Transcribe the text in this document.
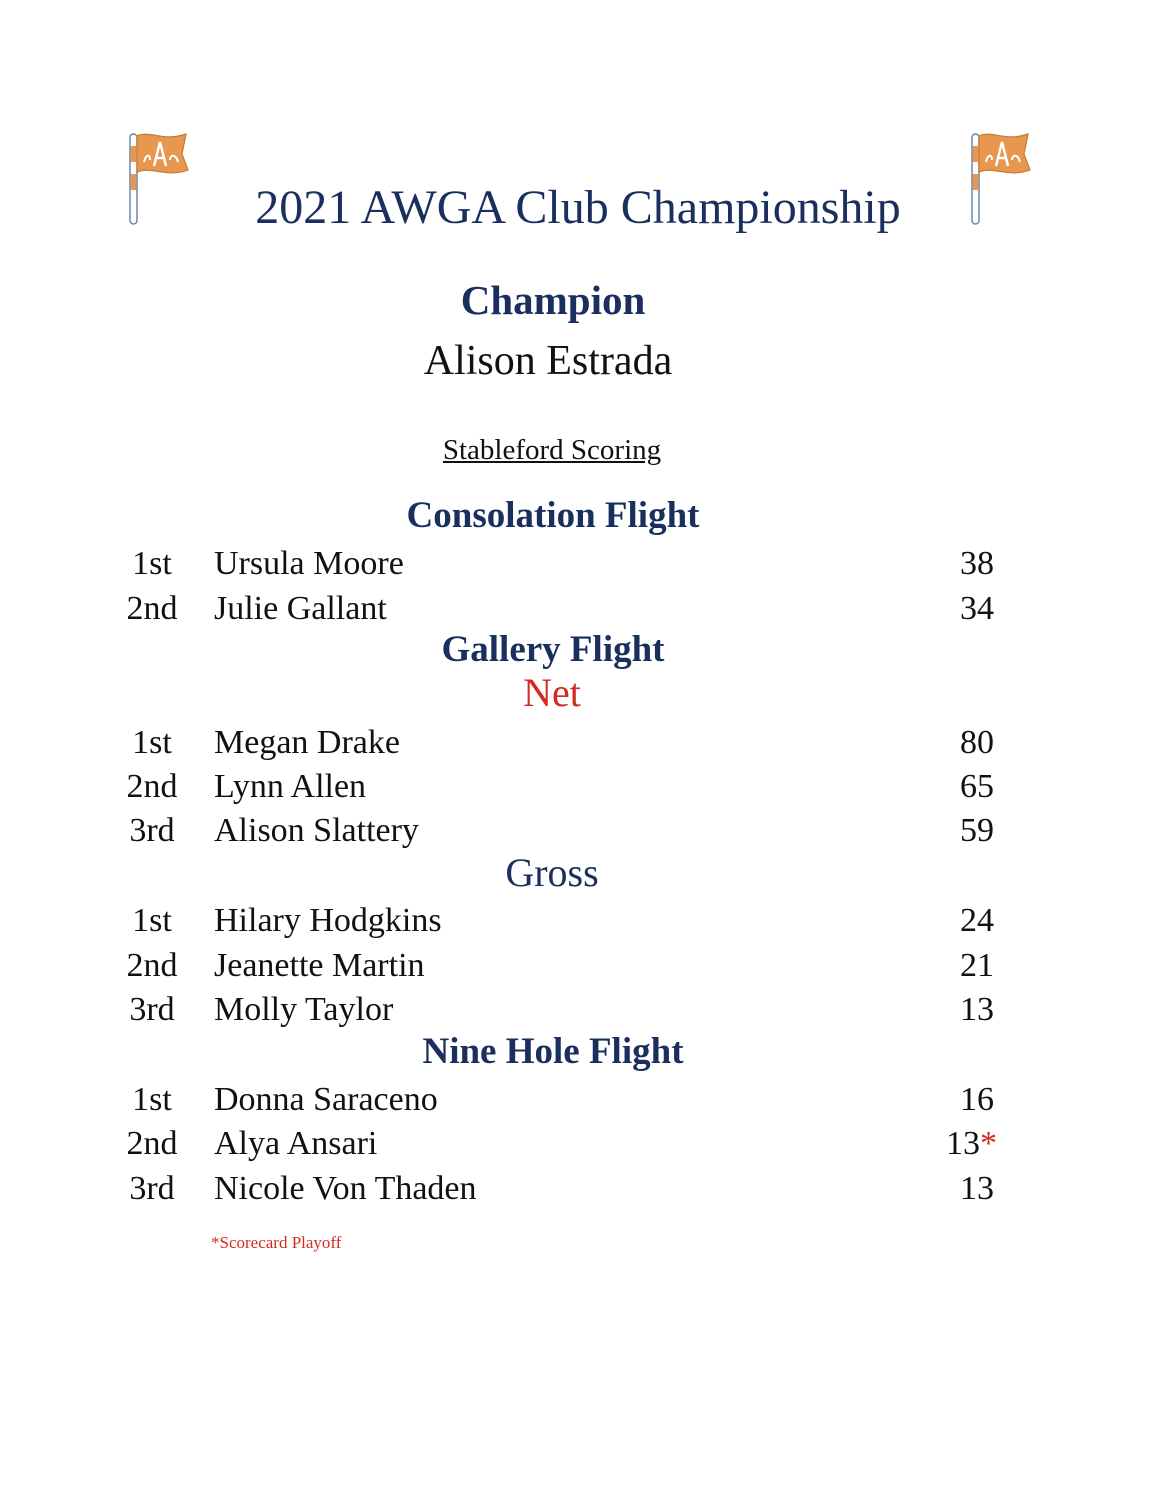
2021 AWGA Club Championship
Champion
Alison Estrada
Stableford Scoring
Consolation Flight
1st	Ursula Moore	38
2nd Julie Gallant	34
Gallery Flight
Net
1st	Megan Drake	80
2nd Lynn Allen	65
3rd	Alison Slattery	59
Gross
1st	Hilary Hodgkins	24
2nd Jeanette Martin	21
3rd	Molly Taylor	13
Nine Hole Flight
1st	Donna Saraceno	16
2nd Alya Ansari	13*
3rd	Nicole Von Thaden	13
*Scorecard Playoff
